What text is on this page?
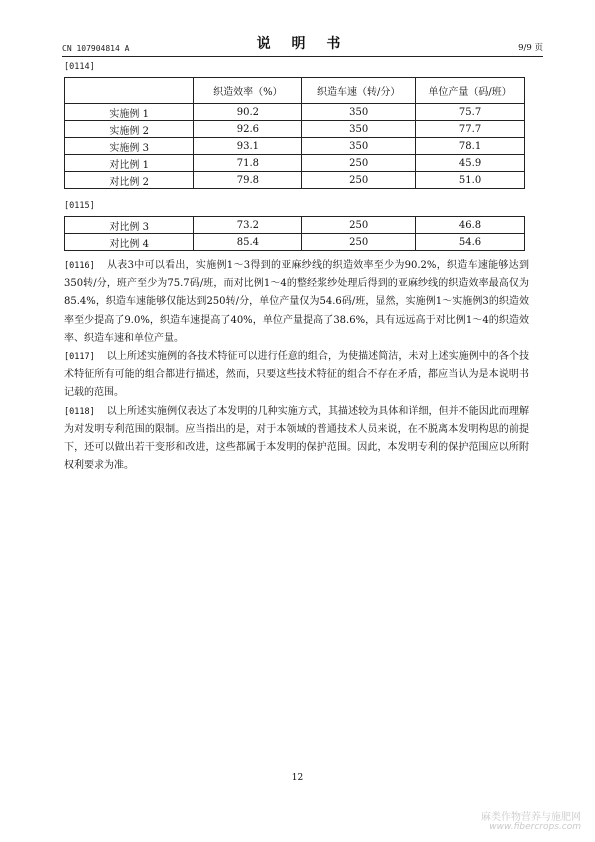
CN 107904814 A	说 明 书	9/9 页
[0114]
	织造效率（%）	织造车速（转/分）	单位产量（码/班）
实施例 1	90.2	350	75.7
实施例 2	92.6	350	77.7
实施例 3	93.1	350	78.1
对比例 1	71.8	250	45.9
对比例 2	79.8	250	51.0
[0115]
对比例 3	73.2	250	46.8
对比例 4	85.4	250	54.6

[0116] 从表3中可以看出，实施例1～3得到的亚麻纱线的织造效率至少为90.2%，织造车速能够达到350转/分，班产至少为75.7码/班，而对比例1～4的整经浆纱处理后得到的亚麻纱线的织造效率最高仅为85.4%，织造车速能够仅能达到250转/分，单位产量仅为54.6码/班，显然，实施例1～实施例3的织造效率至少提高了9.0%，织造车速提高了40%，单位产量提高了38.6%，具有远远高于对比例1～4的织造效率、织造车速和单位产量。

[0117] 以上所述实施例的各技术特征可以进行任意的组合，为使描述简洁，未对上述实施例中的各个技术特征所有可能的组合都进行描述，然而，只要这些技术特征的组合不存在矛盾，都应当认为是本说明书记载的范围。

[0118] 以上所述实施例仅表达了本发明的几种实施方式，其描述较为具体和详细，但并不能因此而理解为对发明专利范围的限制。应当指出的是，对于本领域的普通技术人员来说，在不脱离本发明构思的前提下，还可以做出若干变形和改进，这些都属于本发明的保护范围。因此，本发明专利的保护范围应以所附权利要求为准。

12
麻类作物营养与施肥网
www.fibercrops.com
